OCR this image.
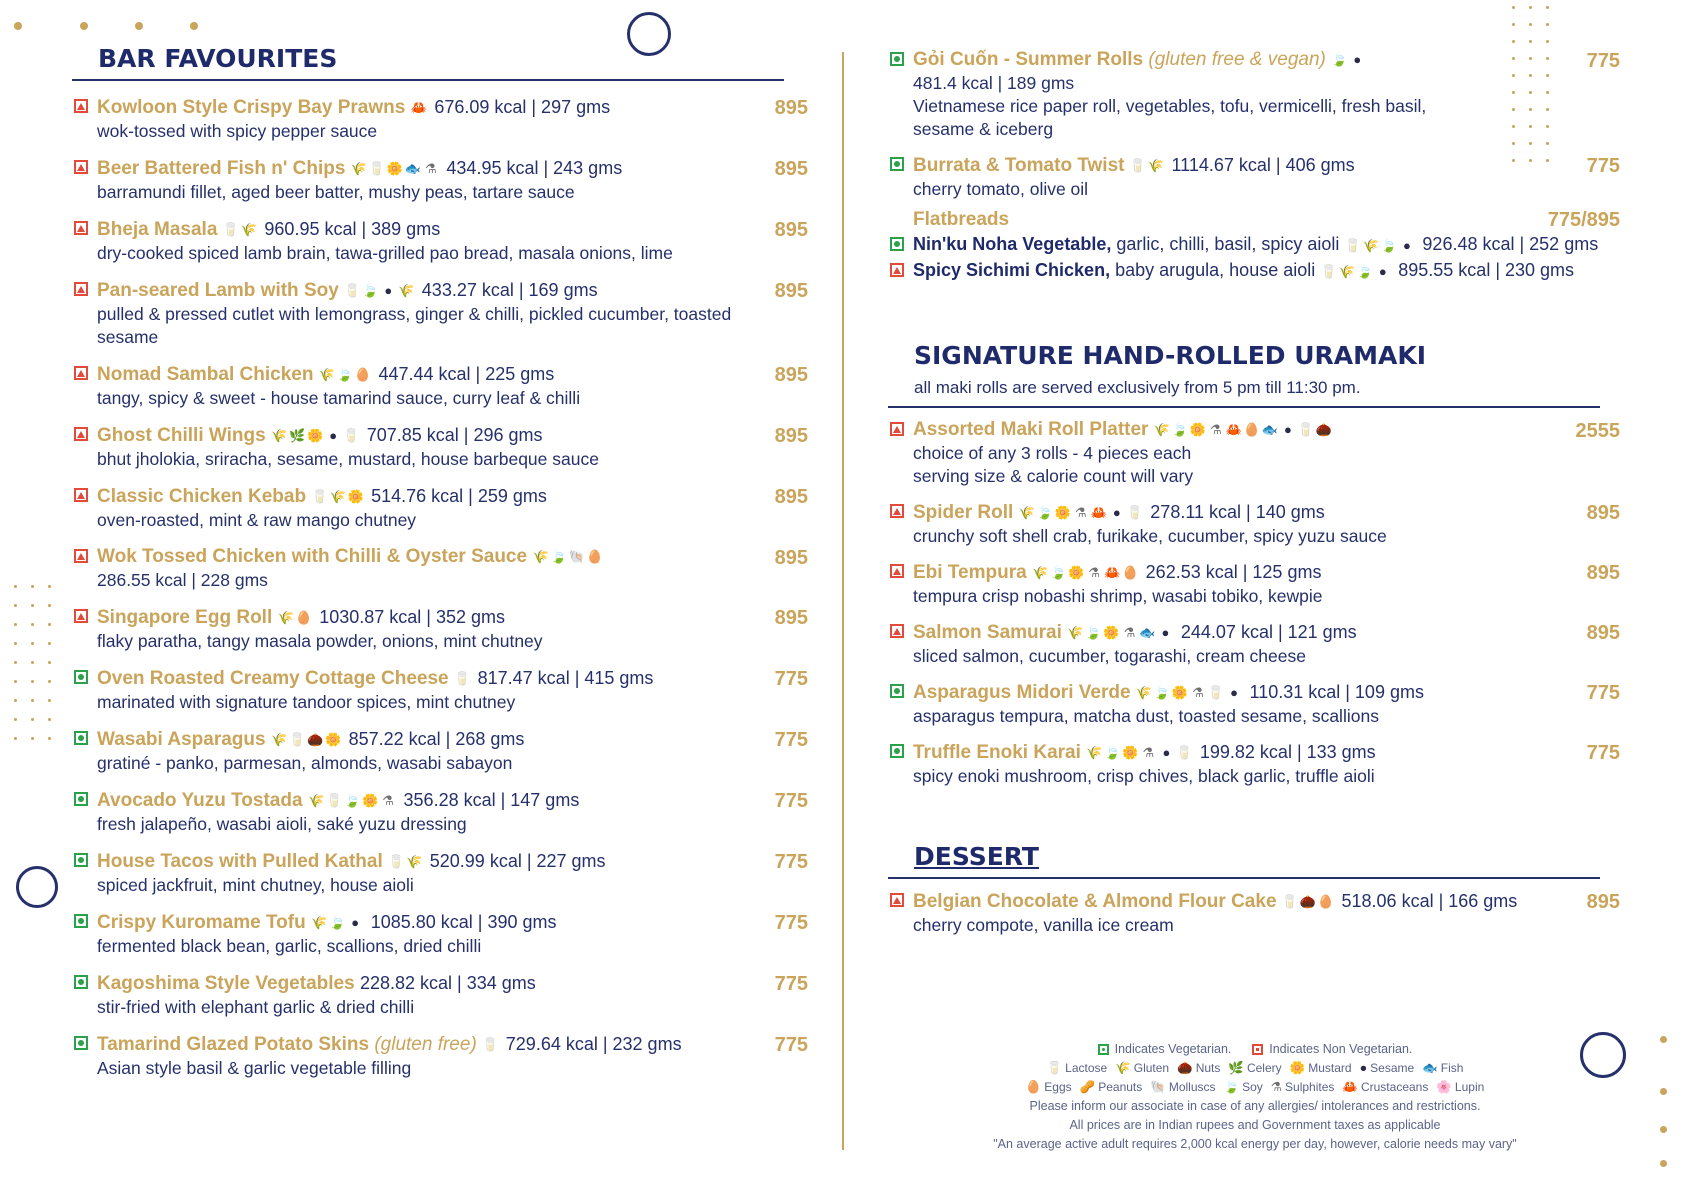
BAR FAVOURITES
Kowloon Style Crispy Bay Prawns 🦀 676.09 kcal | 297 gms
wok-tossed with spicy pepper sauce
895
Beer Battered Fish n' Chips 🌾 🥛 🌼 🐟 ⚗ 434.95 kcal | 243 gms
barramundi fillet, aged beer batter, mushy peas, tartare sauce
895
Bheja Masala 🥛 🌾 960.95 kcal | 389 gms
dry-cooked spiced lamb brain, tawa-grilled pao bread, masala onions, lime
895
Pan-seared Lamb with Soy 🥛 🍃 ● 🌾 433.27 kcal | 169 gms
pulled & pressed cutlet with lemongrass, ginger & chilli, pickled cucumber, toasted sesame
895
Nomad Sambal Chicken 🌾 🍃 🥚 447.44 kcal | 225 gms
tangy, spicy & sweet - house tamarind sauce, curry leaf & chilli
895
Ghost Chilli Wings 🌾 🌿 🌼 ● 🥛 707.85 kcal | 296 gms
bhut jholokia, sriracha, sesame, mustard, house barbeque sauce
895
Classic Chicken Kebab 🥛 🌾 🌼 514.76 kcal | 259 gms
oven-roasted, mint & raw mango chutney
895
Wok Tossed Chicken with Chilli & Oyster Sauce 🌾 🍃 🐚 🥚
286.55 kcal | 228 gms
895
Singapore Egg Roll 🌾 🥚 1030.87 kcal | 352 gms
flaky paratha, tangy masala powder, onions, mint chutney
895
Oven Roasted Creamy Cottage Cheese 🥛 817.47 kcal | 415 gms
marinated with signature tandoor spices, mint chutney
775
Wasabi Asparagus 🌾 🥛 🌰 🌼 857.22 kcal | 268 gms
gratiné - panko, parmesan, almonds, wasabi sabayon
775
Avocado Yuzu Tostada 🌾 🥛 🍃 🌼 ⚗ 356.28 kcal | 147 gms
fresh jalapeño, wasabi aioli, saké yuzu dressing
775
House Tacos with Pulled Kathal 🥛 🌾 520.99 kcal | 227 gms
spiced jackfruit, mint chutney, house aioli
775
Crispy Kuromame Tofu 🌾 🍃 ● 1085.80 kcal | 390 gms
fermented black bean, garlic, scallions, dried chilli
775
Kagoshima Style Vegetables 228.82 kcal | 334 gms
stir-fried with elephant garlic & dried chilli
775
Tamarind Glazed Potato Skins (gluten free) 🥛 729.64 kcal | 232 gms
Asian style basil & garlic vegetable filling
775
Gỏi Cuốn - Summer Rolls (gluten free & vegan) 🍃 ●
481.4 kcal | 189 gms
Vietnamese rice paper roll, vegetables, tofu, vermicelli, fresh basil,
sesame & iceberg
775
Burrata & Tomato Twist 🥛 🌾 1114.67 kcal | 406 gms
cherry tomato, olive oil
775
Flatbreads	775/895
Nin'ku Noha Vegetable, garlic, chilli, basil, spicy aioli 🥛 🌾 🍃 ● 926.48 kcal | 252 gms
Spicy Sichimi Chicken, baby arugula, house aioli 🥛 🌾 🍃 ● 895.55 kcal | 230 gms
SIGNATURE HAND-ROLLED URAMAKI

all maki rolls are served exclusively from 5 pm till 11:30 pm.

Assorted Maki Roll Platter 🌾 🍃 🌼 ⚗ 🦀 🥚 🐟 ● 🥛 🌰
choice of any 3 rolls - 4 pieces each
serving size & calorie count will vary
2555
Spider Roll 🌾 🍃 🌼 ⚗ 🦀 ● 🥛 278.11 kcal | 140 gms
crunchy soft shell crab, furikake, cucumber, spicy yuzu sauce
895
Ebi Tempura 🌾 🍃 🌼 ⚗ 🦀 🥚 262.53 kcal | 125 gms
tempura crisp nobashi shrimp, wasabi tobiko, kewpie
895
Salmon Samurai 🌾 🍃 🌼 ⚗ 🐟 ● 244.07 kcal | 121 gms
sliced salmon, cucumber, togarashi, cream cheese
895
Asparagus Midori Verde 🌾 🍃 🌼 ⚗ 🥛 ● 110.31 kcal | 109 gms
asparagus tempura, matcha dust, toasted sesame, scallions
775
Truffle Enoki Karai 🌾 🍃 🌼 ⚗ ● 🥛 199.82 kcal | 133 gms
spicy enoki mushroom, crisp chives, black garlic, truffle aioli
775
DESSERT
Belgian Chocolate & Almond Flour Cake 🥛 🌰 🥚 518.06 kcal | 166 gms
cherry compote, vanilla ice cream
895
Indicates Vegetarian.	Indicates Non Vegetarian.
🥛 Lactose 🌾 Gluten 🌰 Nuts 🌿 Celery 🌼 Mustard ● Sesame 🐟 Fish
🥚 Eggs 🥜 Peanuts 🐚 Molluscs 🍃 Soy ⚗ Sulphites 🦀 Crustaceans 🌸 Lupin
Please inform our associate in case of any allergies/ intolerances and restrictions.
All prices are in Indian rupees and Government taxes as applicable
"An average active adult requires 2,000 kcal energy per day, however, calorie needs may vary"
